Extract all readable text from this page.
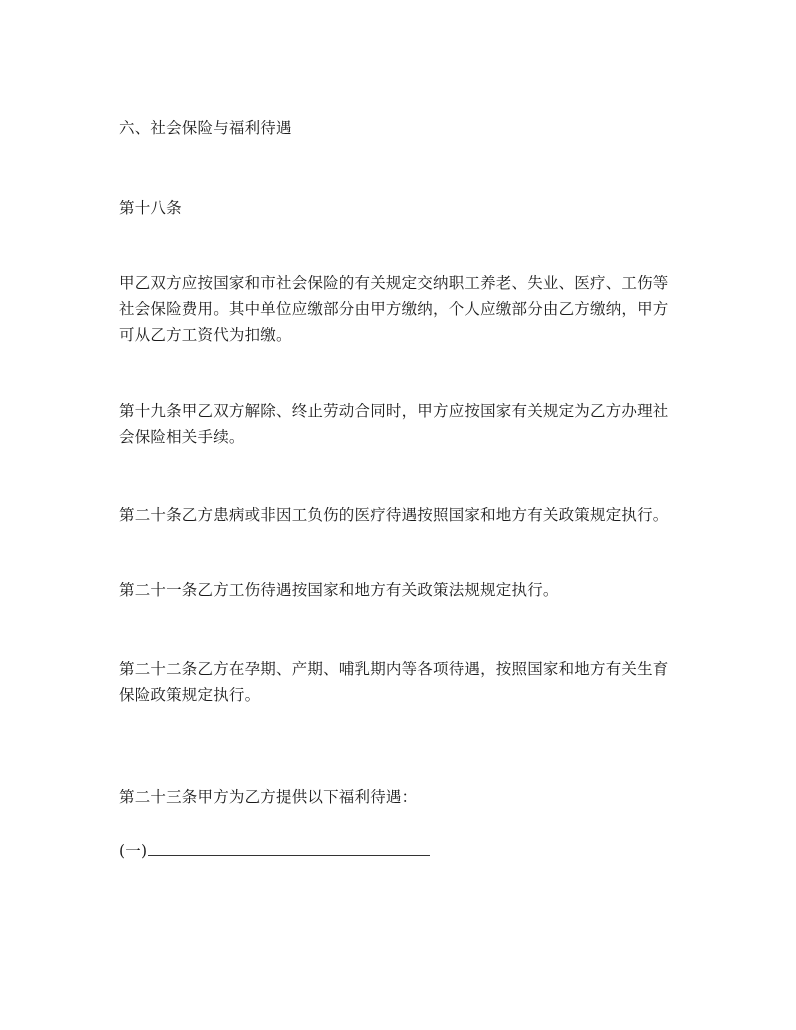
六、社会保险与福利待遇

第十八条

甲乙双方应按国家和市社会保险的有关规定交纳职工养老、失业、医疗、工伤等社会保险费用。其中单位应缴部分由甲方缴纳，个人应缴部分由乙方缴纳，甲方可从乙方工资代为扣缴。

第十九条甲乙双方解除、终止劳动合同时，甲方应按国家有关规定为乙方办理社会保险相关手续。

第二十条乙方患病或非因工负伤的医疗待遇按照国家和地方有关政策规定执行。

第二十一条乙方工伤待遇按国家和地方有关政策法规规定执行。

第二十二条乙方在孕期、产期、哺乳期内等各项待遇，按照国家和地方有关生育保险政策规定执行。

第二十三条甲方为乙方提供以下福利待遇：

(一)
